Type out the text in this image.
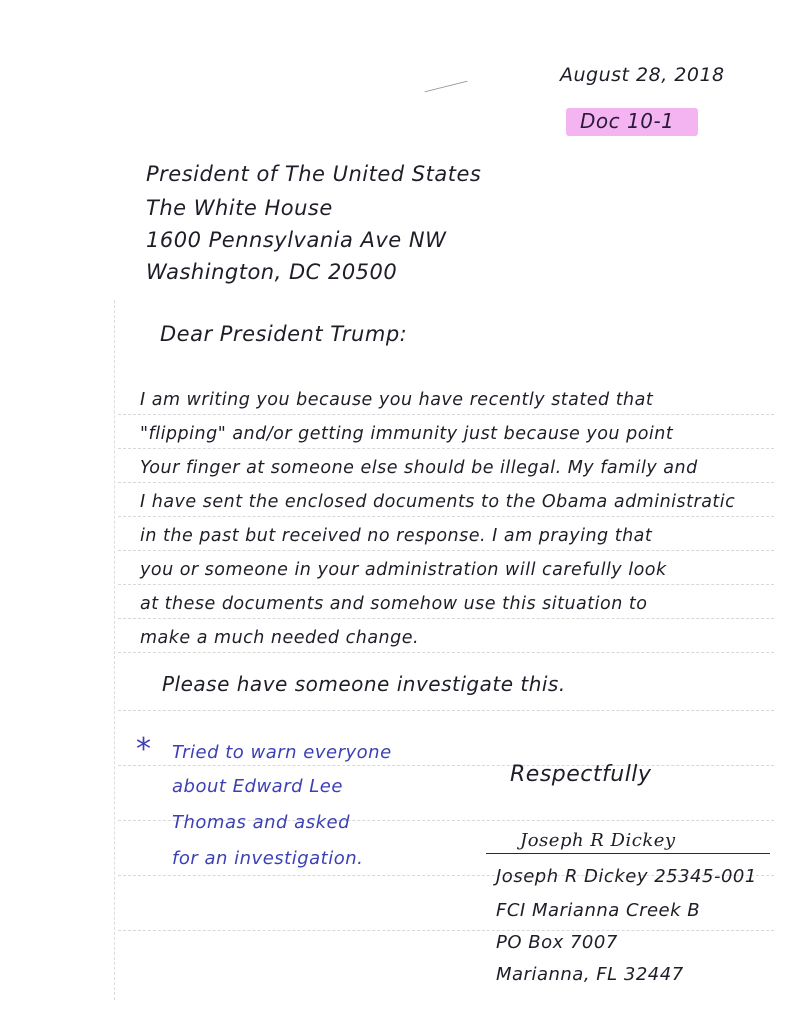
August 28, 2018
Doc 10-1
President of The United States
The White House
1600 Pennsylvania Ave NW
Washington, DC 20500
Dear President Trump:
I am writing you because you have recently stated that
"flipping" and/or getting immunity just because you point
Your finger at someone else should be illegal. My family and
I have sent the enclosed documents to the Obama administratic
in the past but received no response. I am praying that
you or someone in your administration will carefully look
at these documents and somehow use this situation to
make a much needed change.
Please have someone investigate this.
* Tried to warn everyone
about Edward Lee
Thomas and asked
for an investigation.
Respectfully
Joseph R Dickey
Joseph R Dickey 25345-001
FCI Marianna Creek B
PO Box 7007
Marianna, FL 32447
